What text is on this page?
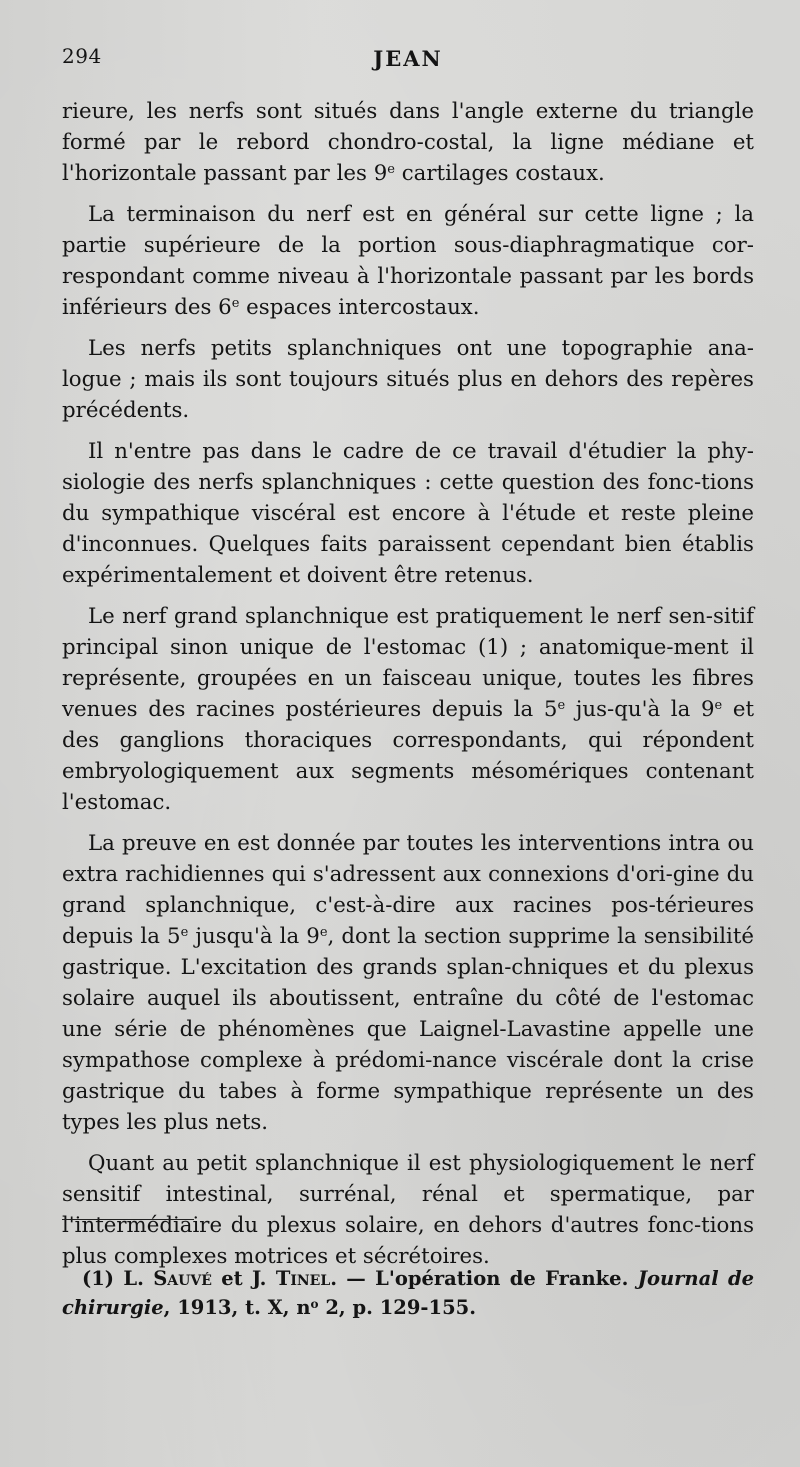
294	JEAN

rieure, les nerfs sont situés dans l'angle externe du triangle formé par le rebord chondro-costal, la ligne médiane et l'horizontale passant par les 9e cartilages costaux.

La terminaison du nerf est en général sur cette ligne ; la partie supérieure de la portion sous-diaphragmatique cor-respondant comme niveau à l'horizontale passant par les bords inférieurs des 6e espaces intercostaux.

Les nerfs petits splanchniques ont une topographie ana-logue ; mais ils sont toujours situés plus en dehors des repères précédents.

Il n'entre pas dans le cadre de ce travail d'étudier la phy-siologie des nerfs splanchniques : cette question des fonc-tions du sympathique viscéral est encore à l'étude et reste pleine d'inconnues. Quelques faits paraissent cependant bien établis expérimentalement et doivent être retenus.

Le nerf grand splanchnique est pratiquement le nerf sen-sitif principal sinon unique de l'estomac (1) ; anatomique-ment il représente, groupées en un faisceau unique, toutes les fibres venues des racines postérieures depuis la 5e jus-qu'à la 9e et des ganglions thoraciques correspondants, qui répondent embryologiquement aux segments mésomériques contenant l'estomac.

La preuve en est donnée par toutes les interventions intra ou extra rachidiennes qui s'adressent aux connexions d'ori-gine du grand splanchnique, c'est-à-dire aux racines pos-térieures depuis la 5e jusqu'à la 9e, dont la section supprime la sensibilité gastrique. L'excitation des grands splan-chniques et du plexus solaire auquel ils aboutissent, entraîne du côté de l'estomac une série de phénomènes que Laignel-Lavastine appelle une sympathose complexe à prédomi-nance viscérale dont la crise gastrique du tabes à forme sympathique représente un des types les plus nets.

Quant au petit splanchnique il est physiologiquement le nerf sensitif intestinal, surrénal, rénal et spermatique, par l'intermédiaire du plexus solaire, en dehors d'autres fonc-tions plus complexes motrices et sécrétoires.

(1) L. Sauvé et J. Tinel. — L'opération de Franke. Journal de chirurgie, 1913, t. X, $n^o$ 2, p. 129-155.
